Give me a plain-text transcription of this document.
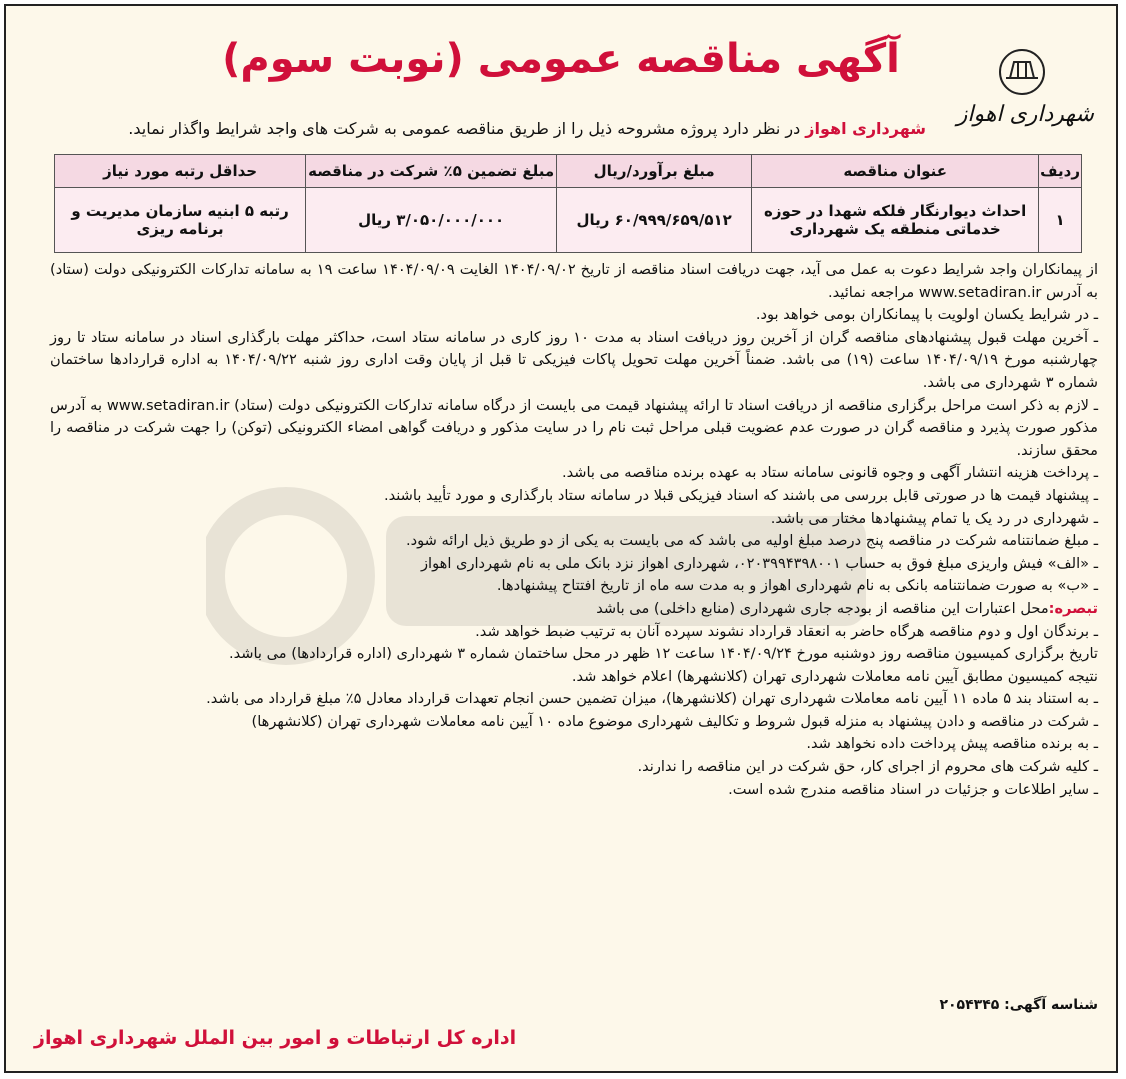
آگهی مناقصه عمومی (نوبت سوم)
شهرداری اهواز
شهرداری اهواز در نظر دارد پروژه مشروحه ذیل را از طریق مناقصه عمومی به شرکت های واجد شرایط واگذار نماید.
ردیف	عنوان مناقصه	مبلغ برآورد/ریال	مبلغ تضمین ۵٪ شرکت در مناقصه	حداقل رتبه مورد نیاز
۱	احداث دیوارنگار فلکه شهدا در حوزه خدماتی منطقه یک شهرداری	۶۰/۹۹۹/۶۵۹/۵۱۲ ریال	۳/۰۵۰/۰۰۰/۰۰۰ ریال	رتبه ۵ ابنیه سازمان مدیریت و برنامه ریزی

از پیمانکاران واجد شرایط دعوت به عمل می آید، جهت دریافت اسناد مناقصه از تاریخ ۱۴۰۴/۰۹/۰۲ الغایت ۱۴۰۴/۰۹/۰۹ ساعت ۱۹ به سامانه تدارکات الکترونیکی دولت (ستاد) به آدرس www.setadiran.ir مراجعه نمائید.

ـ در شرایط یکسان اولویت با پیمانکاران بومی خواهد بود.

ـ آخرین مهلت قبول پیشنهادهای مناقصه گران از آخرین روز دریافت اسناد به مدت ۱۰ روز کاری در سامانه ستاد است، حداکثر مهلت بارگذاری اسناد در سامانه ستاد تا روز چهارشنبه مورخ ۱۴۰۴/۰۹/۱۹ ساعت (۱۹) می باشد. ضمناً آخرین مهلت تحویل پاکات فیزیکی تا قبل از پایان وقت اداری روز شنبه ۱۴۰۴/۰۹/۲۲ به اداره قراردادها ساختمان شماره ۳ شهرداری می باشد.

ـ لازم به ذکر است مراحل برگزاری مناقصه از دریافت اسناد تا ارائه پیشنهاد قیمت می بایست از درگاه سامانه تدارکات الکترونیکی دولت (ستاد) www.setadiran.ir به آدرس مذکور صورت پذیرد و مناقصه گران در صورت عدم عضویت قبلی مراحل ثبت نام را در سایت مذکور و دریافت گواهی امضاء الکترونیکی (توکن) را جهت شرکت در مناقصه را محقق سازند.

ـ پرداخت هزینه انتشار آگهی و وجوه قانونی سامانه ستاد به عهده برنده مناقصه می باشد.

ـ پیشنهاد قیمت ها در صورتی قابل بررسی می باشند که اسناد فیزیکی قبلا در سامانه ستاد بارگذاری و مورد تأیید باشند.

ـ شهرداری در رد یک یا تمام پیشنهادها مختار می باشد.

ـ مبلغ ضمانتنامه شرکت در مناقصه پنج درصد مبلغ اولیه می باشد که می بایست به یکی از دو طریق ذیل ارائه شود.

ـ «الف» فیش واریزی مبلغ فوق به حساب ۰۲۰۳۹۹۴۳۹۸۰۰۱، شهرداری اهواز نزد بانک ملی به نام شهرداری اهواز

ـ «ب» به صورت ضمانتنامه بانکی به نام شهرداری اهواز و به مدت سه ماه از تاریخ افتتاح پیشنهادها.

تبصره:محل اعتبارات این مناقصه از بودجه جاری شهرداری (منابع داخلی) می باشد

ـ برندگان اول و دوم مناقصه هرگاه حاضر به انعقاد قرارداد نشوند سپرده آنان به ترتیب ضبط خواهد شد.

تاریخ برگزاری کمیسیون مناقصه روز دوشنبه مورخ ۱۴۰۴/۰۹/۲۴ ساعت ۱۲ ظهر در محل ساختمان شماره ۳ شهرداری (اداره قراردادها) می باشد.

نتیجه کمیسیون مطابق آیین نامه معاملات شهرداری تهران (کلانشهرها) اعلام خواهد شد.

ـ به استناد بند ۵ ماده ۱۱ آیین نامه معاملات شهرداری تهران (کلانشهرها)، میزان تضمین حسن انجام تعهدات قرارداد معادل ۵٪ مبلغ قرارداد می باشد.

ـ شرکت در مناقصه و دادن پیشنهاد به منزله قبول شروط و تکالیف شهرداری موضوع ماده ۱۰ آیین نامه معاملات شهرداری تهران (کلانشهرها)

ـ به برنده مناقصه پیش پرداخت داده نخواهد شد.

ـ کلیه شرکت های محروم از اجرای کار، حق شرکت در این مناقصه را ندارند.

ـ سایر اطلاعات و جزئیات در اسناد مناقصه مندرج شده است.

شناسه آگهی: ۲۰۵۴۳۴۵
اداره کل ارتباطات و امور بین الملل شهرداری اهواز
